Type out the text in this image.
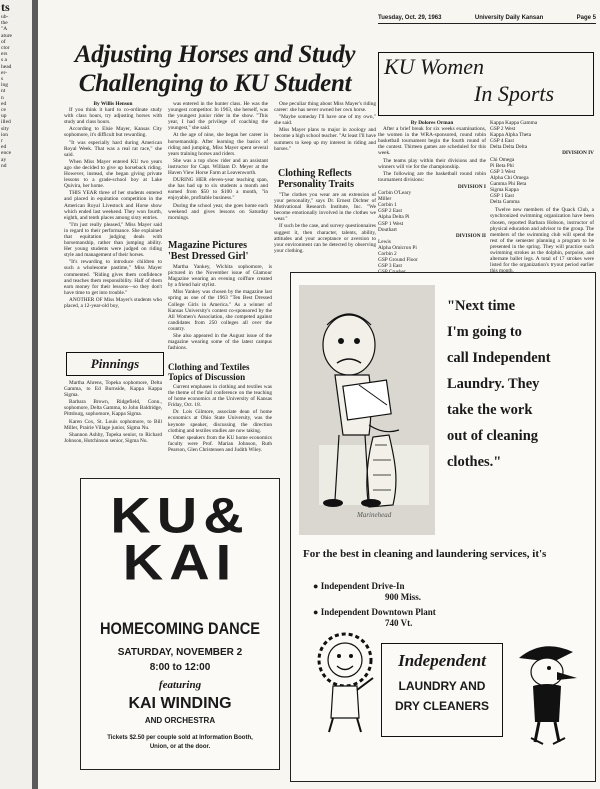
ts
ub-
the
"A
ature
of
ctor
ers
s a
head
er-
s
ing
nt
n
ed
ce
up
illed
sity
ion
r
ed
ence
ay
nd
Adjusting Horses and Study
Challenging to KU Student
Tuesday, Oct. 29, 1963	University Daily Kansan	Page 5
KU Women
In Sports
By Willis Henson

If you think it hard to co-ordinate study with class hours, try adjusting horses with study and class hours.

According to Elsie Mayer, Kansas City sophomore, it's difficult but rewarding.

"It was especially hard during American Royal Week. That was a real rat race," she said.

When Miss Mayer entered KU two years ago she decided to give up horseback riding. However, instead, she began giving private lessons to a grade-school boy at Lake Quivira, her home.

THIS YEAR three of her students entered and placed in equitation competition in the American Royal Livestock and Horse show which ended last weekend. They won fourth, eighth, and tenth places among sixty entries.

"I'm just really pleased," Miss Mayer said in regard to their performance. She explained that equitation judging deals with horsemanship, rather than jumping ability. Her young students were judged on riding style and management of their horses.

"It's rewarding to introduce children to such a wholesome pastime," Miss Mayer commented. "Riding gives them confidence and teaches them responsibility. Half of them earn money for their lessons—so they don't have time to get into trouble."

ANOTHER OF Miss Mayer's students who placed, a 12-year-old boy,

was entered in the hunter class. He was the youngest competitor. In 1963, she herself, was the youngest junior rider in the show. "This year, I had the privilege of coaching the youngest," she said.

At the age of nine, she began her career in horsemanship. After learning the basics of riding and jumping, Miss Mayer spent several years training horses and riders.

She was a top show rider and an assistant instructor for Capt. William D. Meyer at the Haven View Horse Farm at Leavenworth.

DURING HER eleven-year teaching span, she has had up to six students a month and earned from $50 to $100 a month, "in enjoyable, profitable business."

During the school year, she goes home each weekend and gives lessons on Saturday mornings.

One peculiar thing about Miss Mayer's riding career: she has never owned her own horse.

"Maybe someday I'll have one of my own," she said.

Miss Mayer plans to major in zoology and become a high school teacher. "At least I'll have summers to keep up my interest in riding and horses."

Clothing Reflects
Personality Traits

"The clothes you wear are an extension of your personality," says Dr. Ernest Dichter of Motivational Research Institute, Inc. "We become emotionally involved in the clothes we wear."

If such be the case, and survey questionnaires suggest it, then character, talents, ability, attitudes and your acceptance or aversion to your environment can be detected by observing your clothing.

Magazine Pictures
'Best Dressed Girl'

Martha Yankey, Wichita sophomore, is pictured in the November issue of Glamour Magazine wearing an evening coiffure created by a friend hair stylist.

Miss Yankey was chosen by the magazine last spring as one of the 1963 "Ten Best Dressed College Girls in America." As a winner of Kansas University's contest co-sponsored by the All Women's Association, she competed against candidates from 250 colleges all over the country.

She also appeared in the August issue of the magazine wearing some of the latest campus fashions.

Clothing and Textiles
Topics of Discussion

Current emphases in clothing and textiles was the theme of the fall conference on the teaching of home economics at the University of Kansas Friday, Oct. 18.

Dr. Lois Gilmore, associate dean of home economics at Ohio State University, was the keynote speaker, discussing the direction clothing and textiles studies are now taking.

Other speakers from the KU home economics faculty were Prof. Marian Johnson, Ruth Pearson, Glen Christensen and Judith Wiley.

Pinnings

Martha Ahrens, Topeka sophomore, Delta Gamma, to Ed Burnside, Kappa Kappa Sigma.

Barbara Brown, Ridgefield, Conn., sophomore, Delta Gamma, to John Baldridge, Pittsburg, sophomore, Kappa Sigma.

Karen Cox, St. Louis sophomore, to Bill Miller, Prairie Village junior, Sigma Nu.

Shannon Ashby, Topeka senior, to Richard Johnson, Hutchinson senior, Sigma Nu.

By Dolores Orman

After a brief break for six weeks examinations, the women in the WRA-sponsored, round robin basketball tournament begin the fourth round of the contest. Thirteen games are scheduled for this week.

The teams play within their divisions and the winners will vie for the championship.

The following are the basketball round robin tournament divisions:

DIVISION I
Corbin O'Leary
Miller
Corbin 1
GSP 2 East
Alpha Delta Pi
GSP 1 West
Douthart
DIVISION II
Lewis
Alpha Omicron Pi
Corbin 2
GSP Ground Floor
GSP 3 East
Kappa Kappa Gamma
GSP 2 West
Kappa Alpha Theta
GSP 4 East
Delta Delta Delta
DIVISION IV
Chi Omega
Pi Beta Phi
GSP 3 West
Alpha Chi Omega
Gamma Phi Beta
Sigma Kappa
GSP 1 East
Delta Gamma

Twelve new members of the Quack Club, a synchronized swimming organization have been chosen, reported Barbara Hobson, instructor of physical education and advisor to the group. The members of the swimming club will spend the rest of the semester planning a program to be presented in the spring. They will practice such swimming strokes as the dolphin, porpoise, and alternate ballet legs. A total of 17 strokes were listed for the organization's tryout period earlier

KU&
KAI
HOMECOMING DANCE
SATURDAY, NOVEMBER 2
8:00 to 12:00
featuring
KAI WINDING
AND ORCHESTRA
Tickets $2.50 per couple sold at Information Booth,
Union, or at the door.
Marinehead
"Next time
I'm going to
call Independent
Laundry. They
take the work
out of cleaning
clothes."
For the best in cleaning and laundering services, it's
● Independent Drive-In
900 Miss.
● Independent Downtown Plant
740 Vt.
Independent
LAUNDRY AND
DRY CLEANERS
